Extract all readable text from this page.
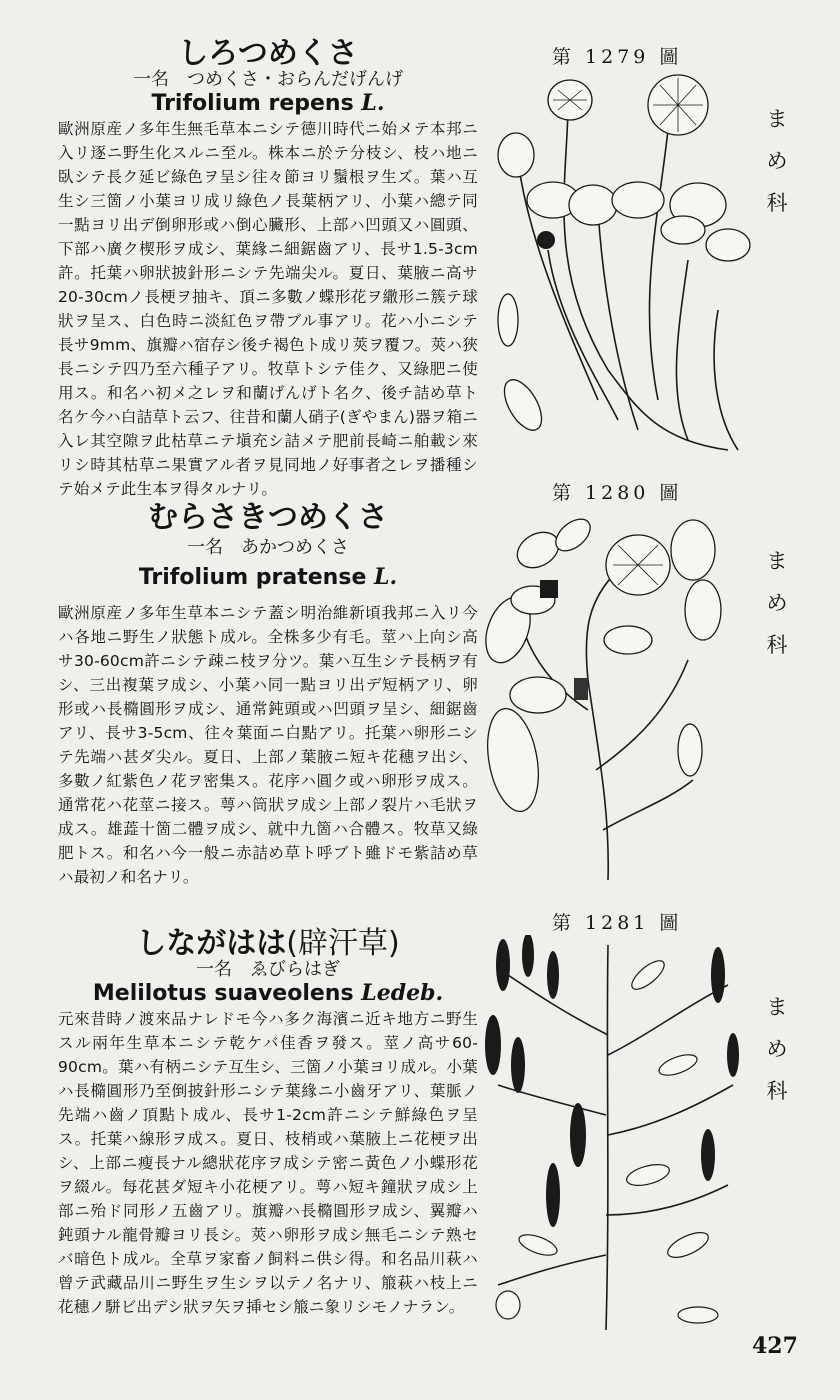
しろつめくさ

一名　つめくさ・おらんだげんげ

Trifolium repens L.

歐洲原産ノ多年生無毛草本ニシテ德川時代ニ始メテ本邦ニ入リ逐ニ野生化スルニ至ル。株本ニ於テ分枝シ、枝ハ地ニ臥シテ長ク延ビ綠色ヲ呈シ往々節ヨリ鬚根ヲ生ズ。葉ハ互生シ三箇ノ小葉ヨリ成リ綠色ノ長葉柄アリ、小葉ハ總テ同一點ヨリ出デ倒卵形或ハ倒心臟形、上部ハ凹頭又ハ圓頭、下部ハ廣ク楔形ヲ成シ、葉緣ニ細鋸齒アリ、長サ1.5-3cm許。托葉ハ卵狀披針形ニシテ先端尖ル。夏日、葉腋ニ高サ20-30cmノ長梗ヲ抽キ、頂ニ多數ノ蝶形花ヲ繖形ニ簇テ球狀ヲ呈ス、白色時ニ淡紅色ヲ帶ブル事アリ。花ハ小ニシテ長サ9mm、旗瓣ハ宿存シ後チ褐色ト成リ莢ヲ覆フ。莢ハ狹長ニシテ四乃至六種子アリ。牧草トシテ佳ク、又綠肥ニ使用ス。和名ハ初メ之レヲ和蘭げんげト名ク、後チ詰め草ト名ケ今ハ白詰草ト云フ、往昔和蘭人硝子(ぎやまん)器ヲ箱ニ入レ其空隙ヲ此枯草ニテ塡充シ詰メテ肥前長崎ニ舶載シ來リシ時其枯草ニ果實アル者ヲ見同地ノ好事者之レヲ播種シテ始メテ此生本ヲ得タルナリ。

むらさきつめくさ

一名　あかつめくさ

Trifolium pratense L.

歐洲原産ノ多年生草本ニシテ蓋シ明治維新頃我邦ニ入リ今ハ各地ニ野生ノ狀態ト成ル。全株多少有毛。莖ハ上向シ高サ30-60cm許ニシテ疎ニ枝ヲ分ツ。葉ハ互生シテ長柄ヲ有シ、三出複葉ヲ成シ、小葉ハ同一點ヨリ出デ短柄アリ、卵形或ハ長橢圓形ヲ成シ、通常鈍頭或ハ凹頭ヲ呈シ、細鋸齒アリ、長サ3-5cm、往々葉面ニ白點アリ。托葉ハ卵形ニシテ先端ハ甚ダ尖ル。夏日、上部ノ葉腋ニ短キ花穗ヲ出シ、多數ノ紅紫色ノ花ヲ密集ス。花序ハ圓ク或ハ卵形ヲ成ス。通常花ハ花莖ニ接ス。萼ハ筒狀ヲ成シ上部ノ裂片ハ毛狀ヲ成ス。雄蕋十箇二體ヲ成シ、就中九箇ハ合體ス。牧草又綠肥トス。和名ハ今一般ニ赤詰め草ト呼ブト雖ドモ紫詰め草ハ最初ノ和名ナリ。

しながはは(辟汗草)

一名　ゑびらはぎ

Melilotus suaveolens Ledeb.

元來昔時ノ渡來品ナレドモ今ハ多ク海濱ニ近キ地方ニ野生スル兩年生草本ニシテ乾ケバ佳香ヲ發ス。莖ノ高サ60-90cm。葉ハ有柄ニシテ互生シ、三箇ノ小葉ヨリ成ル。小葉ハ長橢圓形乃至倒披針形ニシテ葉緣ニ小齒牙アリ、葉脈ノ先端ハ齒ノ頂點ト成ル、長サ1-2cm許ニシテ鮮綠色ヲ呈ス。托葉ハ線形ヲ成ス。夏日、枝梢或ハ葉腋上ニ花梗ヲ出シ、上部ニ瘦長ナル總狀花序ヲ成シテ密ニ黃色ノ小蝶形花ヲ綴ル。每花甚ダ短キ小花梗アリ。萼ハ短キ鐘狀ヲ成シ上部ニ殆ド同形ノ五齒アリ。旗瓣ハ長橢圓形ヲ成シ、翼瓣ハ鈍頭ナル龍骨瓣ヨリ長シ。莢ハ卵形ヲ成シ無毛ニシテ熟セバ暗色ト成ル。全草ヲ家畜ノ飼料ニ供シ得。和名品川萩ハ曾テ武藏品川ニ野生ヲ生シヲ以テノ名ナリ、箙萩ハ枝上ニ花穗ノ駢ビ出デシ狀ヲ矢ヲ挿セシ箙ニ象リシモノナラン。

第 1279 圖
第 1280 圖
第 1281 圖
ま
め
科
ま
め
科
ま
め
科
427
